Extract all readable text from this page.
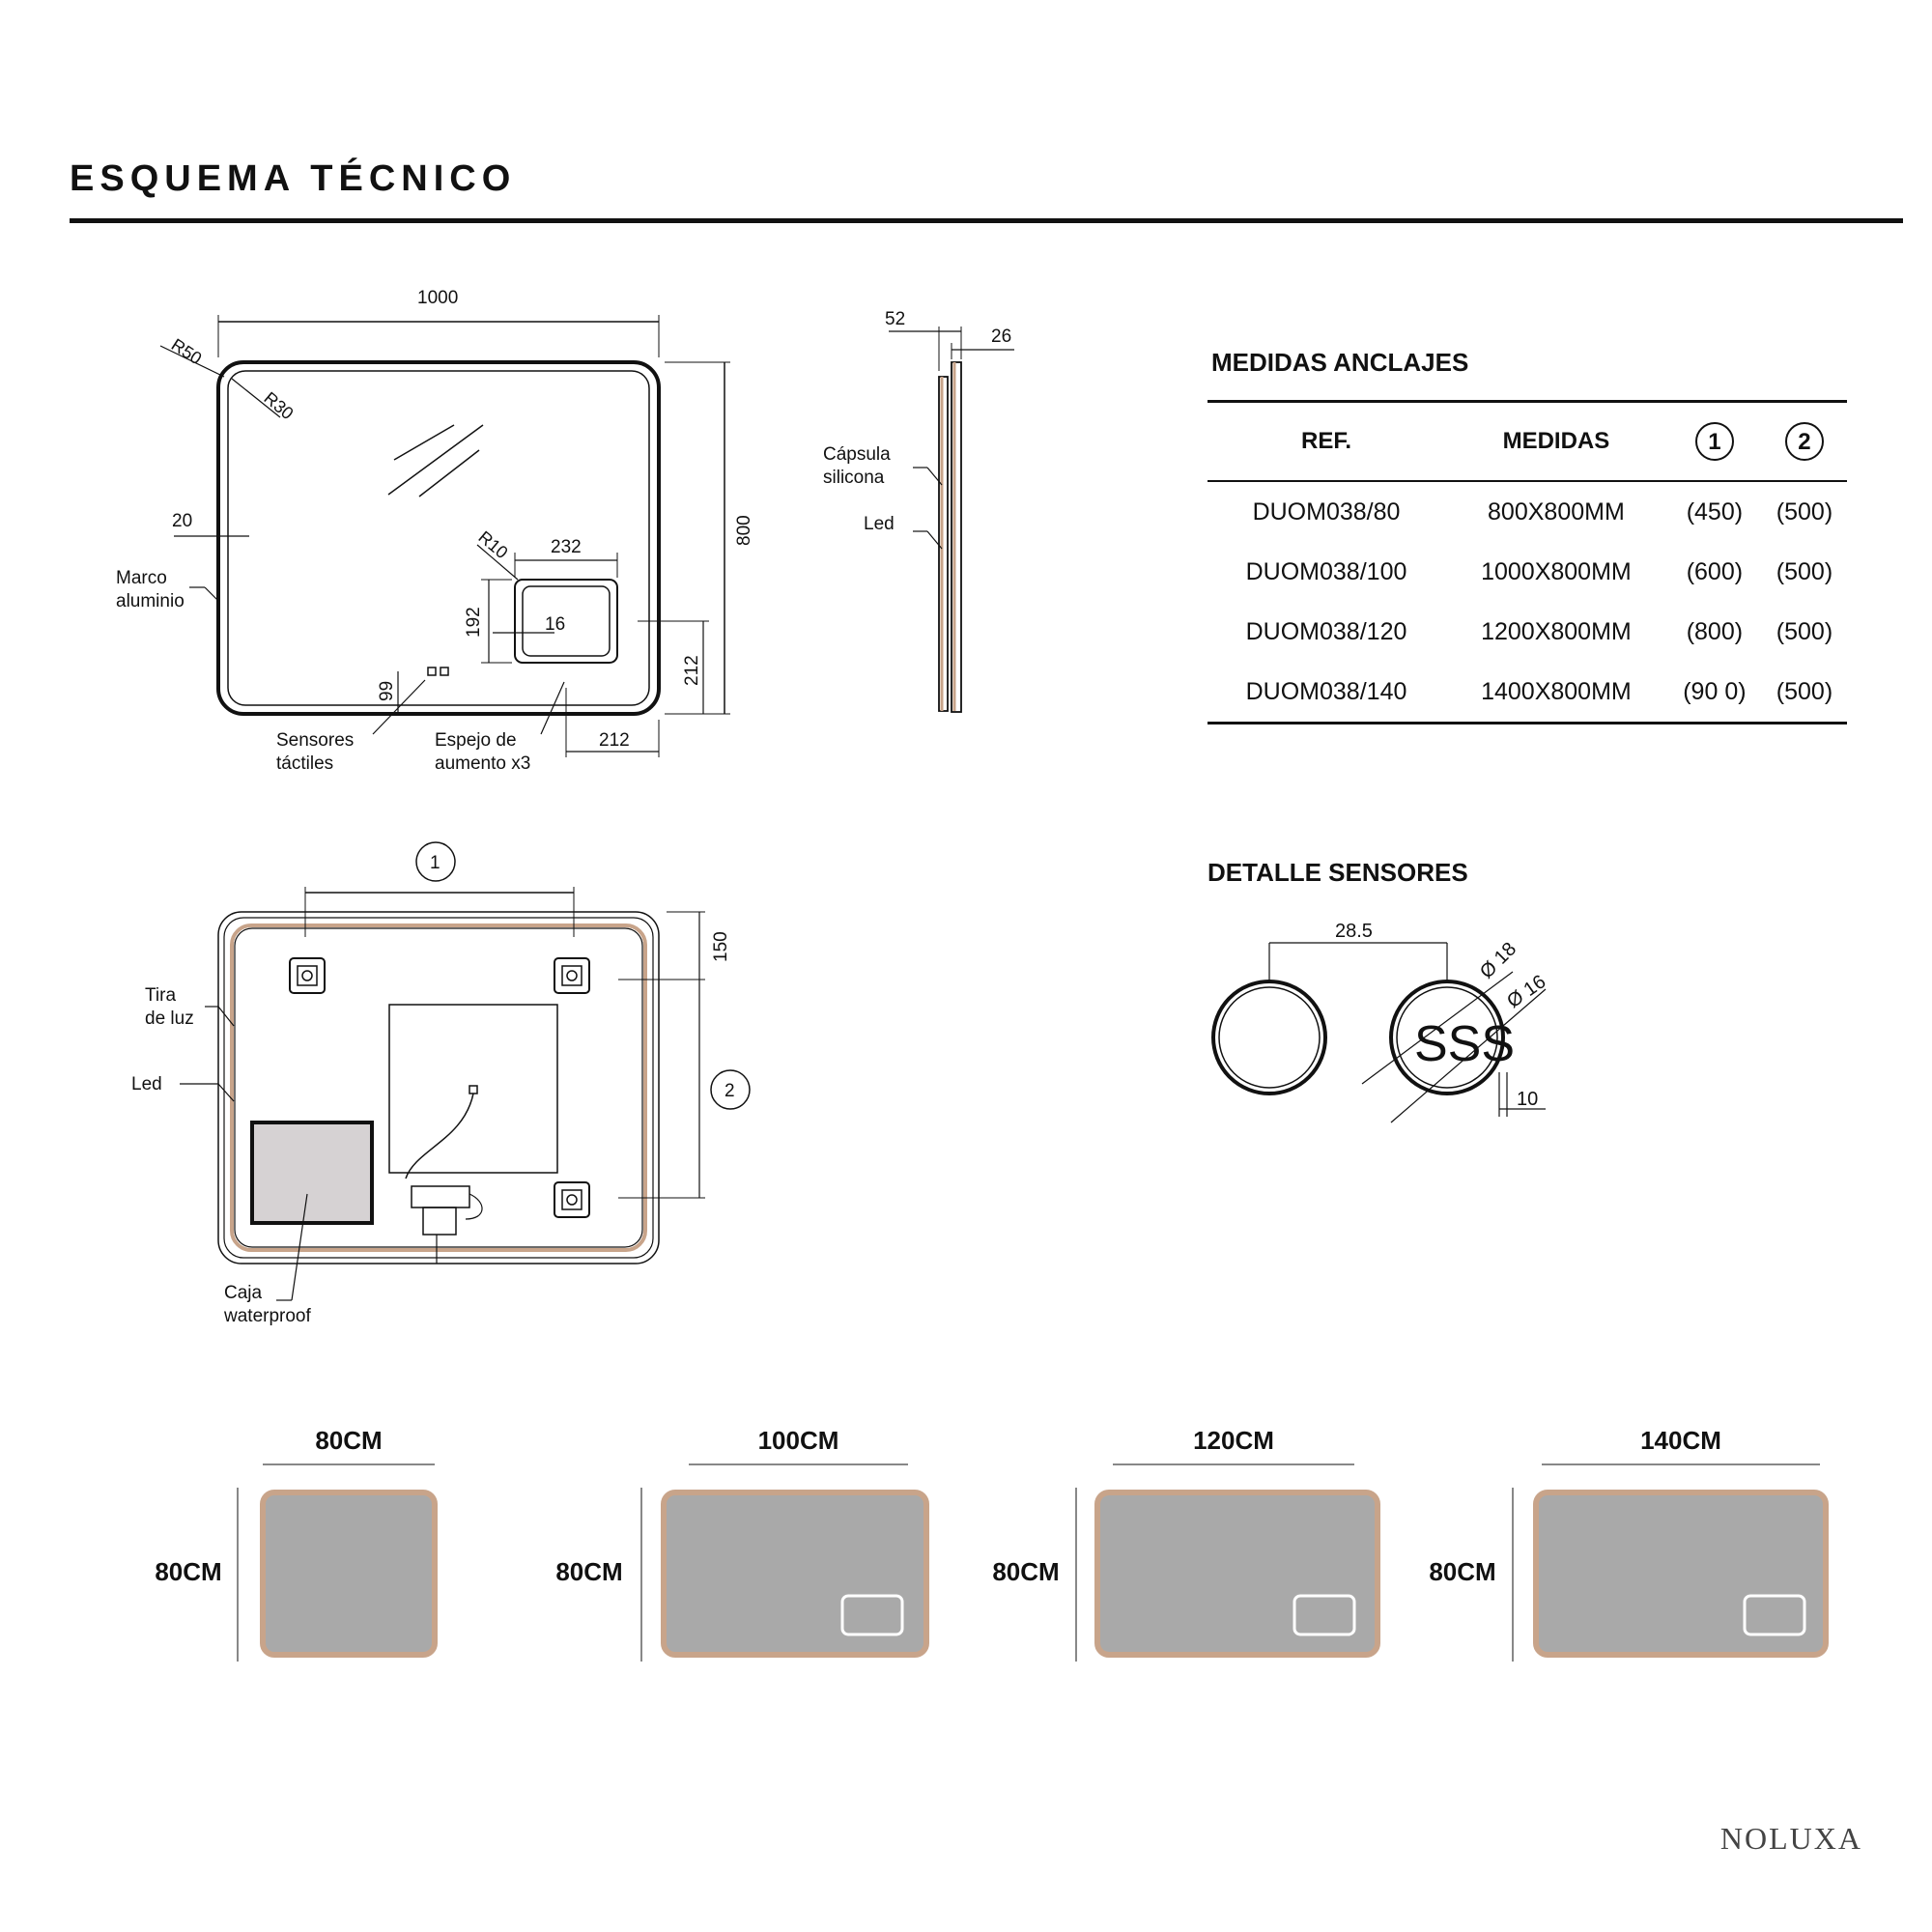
ESQUEMA TÉCNICO
1000
800
R50
R30
20
R10 232
192	16
212
212
99
Marco
aluminio
Sensores
táctiles
Espejo de
aumento x3
52
26
Cápsula
silicona
Led
1
2
150
Tira
de luz
Led
Caja
waterproof
DETALLE SENSORES
SSS
28.5
Ø 18
Ø 16
10
MEDIDAS ANCLAJES
REF.	MEDIDAS	1	2
DUOM038/80	800X800MM	(450)	(500)
DUOM038/100	1000X800MM	(600)	(500)
DUOM038/120	1200X800MM	(800)	(500)
DUOM038/140	1400X800MM	(90 0)	(500)
80CM
80CM
100CM
80CM
120CM
80CM
140CM
80CM
NOLUXA
